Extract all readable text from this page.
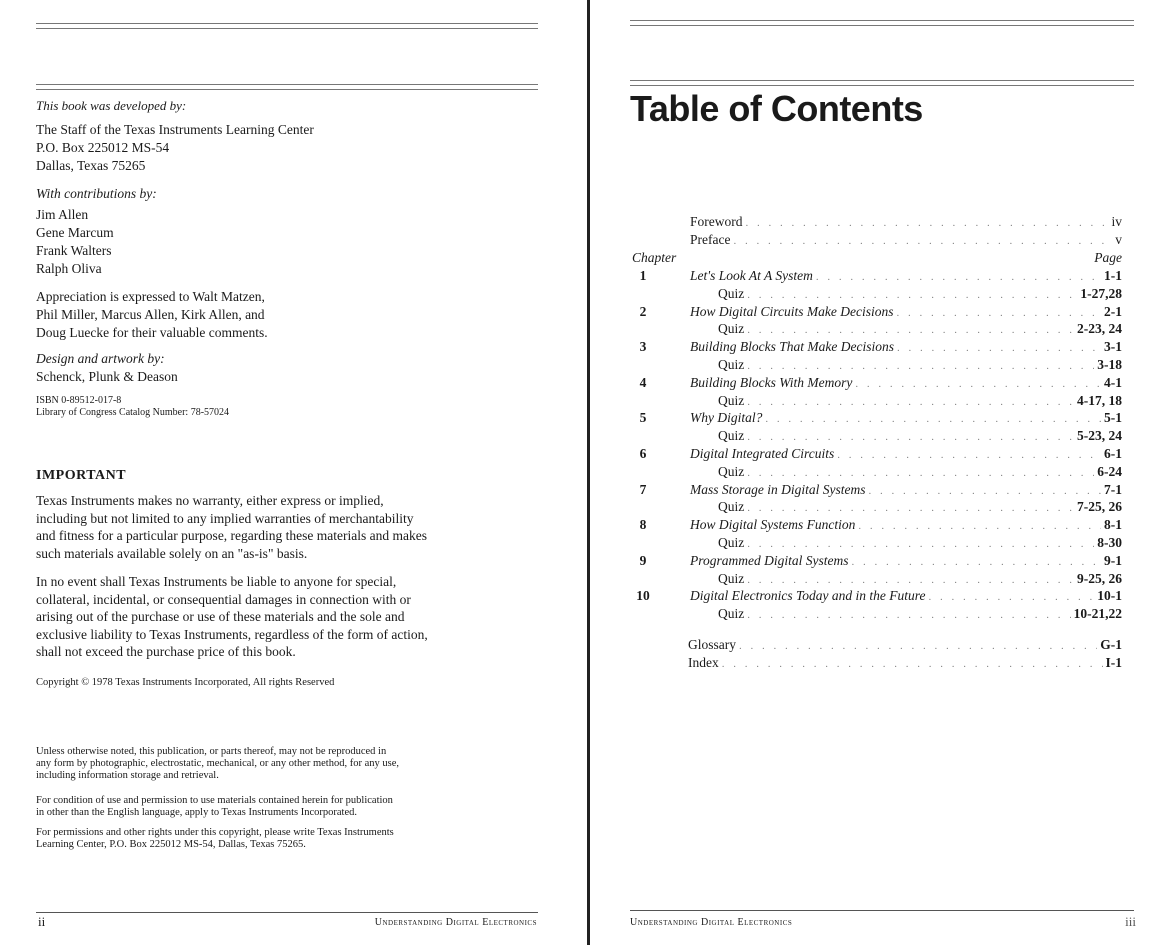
This book was developed by:
The Staff of the Texas Instruments Learning Center
P.O. Box 225012 MS-54
Dallas, Texas 75265
With contributions by:
Jim Allen
Gene Marcum
Frank Walters
Ralph Oliva
Appreciation is expressed to Walt Matzen,
Phil Miller, Marcus Allen, Kirk Allen, and
Doug Luecke for their valuable comments.
Design and artwork by:
Schenck, Plunk & Deason
ISBN 0-89512-017-8
Library of Congress Catalog Number: 78-57024
IMPORTANT
Texas Instruments makes no warranty, either express or implied,
including but not limited to any implied warranties of merchantability
and fitness for a particular purpose, regarding these materials and makes
such materials available solely on an "as-is" basis.
In no event shall Texas Instruments be liable to anyone for special,
collateral, incidental, or consequential damages in connection with or
arising out of the purchase or use of these materials and the sole and
exclusive liability to Texas Instruments, regardless of the form of action,
shall not exceed the purchase price of this book.
Copyright © 1978 Texas Instruments Incorporated, All rights Reserved
Unless otherwise noted, this publication, or parts thereof, may not be reproduced in
any form by photographic, electrostatic, mechanical, or any other method, for any use,
including information storage and retrieval.
For condition of use and permission to use materials contained herein for publication
in other than the English language, apply to Texas Instruments Incorporated.
For permissions and other rights under this copyright, please write Texas Instruments
Learning Center, P.O. Box 225012 MS-54, Dallas, Texas 75265.
ii	Understanding Digital Electronics
Table of Contents
Foreword . . .	iv
Preface . . .	v
Chapter	Page
1	Let's Look At A System . . .	1-1
Quiz . . .	1-27,28
2	How Digital Circuits Make Decisions . . .	2-1
Quiz . . .	2-23, 24
3	Building Blocks That Make Decisions . . .	3-1
Quiz . . .	3-18
4	Building Blocks With Memory . . .	4-1
Quiz . . .	4-17, 18
5	Why Digital? . . .	5-1
Quiz . . .	5-23, 24
6	Digital Integrated Circuits . . .	6-1
Quiz . . .	6-24
7	Mass Storage in Digital Systems . . .	7-1
Quiz . . .	7-25, 26
8	How Digital Systems Function . . .	8-1
Quiz . . .	8-30
9	Programmed Digital Systems . . .	9-1
Quiz . . .	9-25, 26
10	Digital Electronics Today and in the Future . . .	10-1
Quiz . . .	10-21,22
Glossary . . .	G-1
Index . . .	I-1
Understanding Digital Electronics	iii
